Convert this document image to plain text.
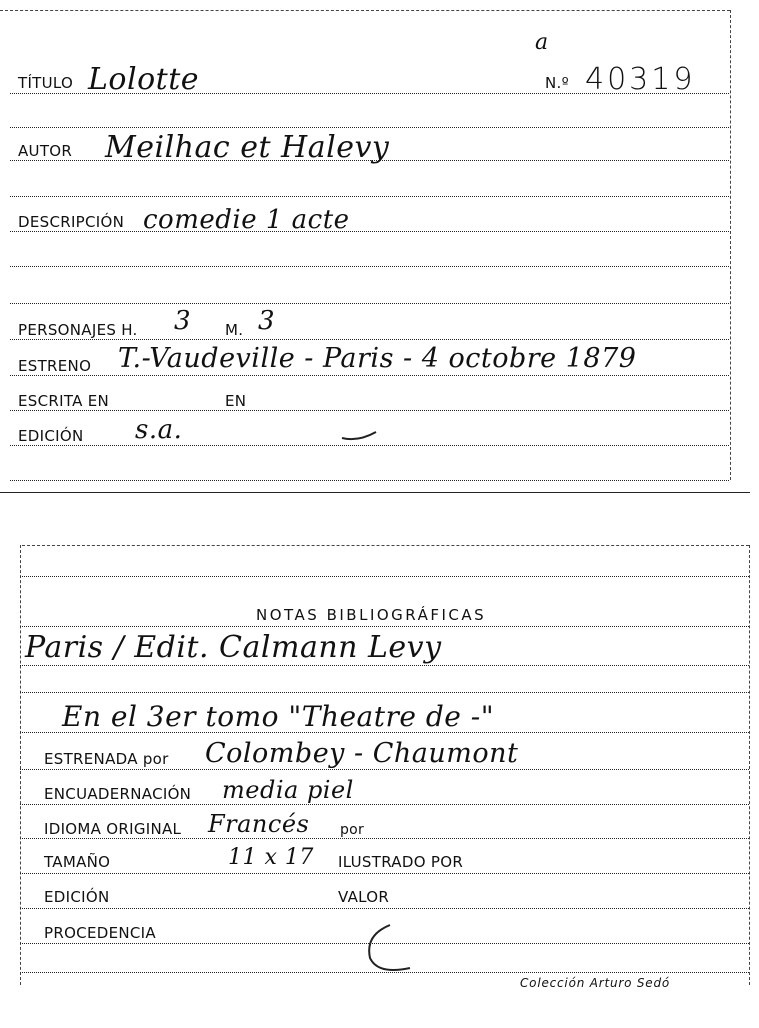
TÍTULO Lolotte
a
N.º 40319
AUTOR Meilhac et Halevy
DESCRIPCIÓN comedie 1 acte
PERSONAJES H. 3 M. 3
ESTRENO T.-Vaudeville - Paris - 4 octobre 1879
ESCRITA EN	EN
EDICIÓN s.a.
NOTAS BIBLIOGRÁFICAS
Paris / Edit. Calmann Levy
En el 3er tomo "Theatre de -"
ESTRENADA por Colombey - Chaumont
ENCUADERNACIÓN media piel
IDIOMA ORIGINAL Francés por
TAMAÑO	11 x 17 ILUSTRADO POR
EDICIÓN	VALOR
PROCEDENCIA
Colección Arturo Sedó
